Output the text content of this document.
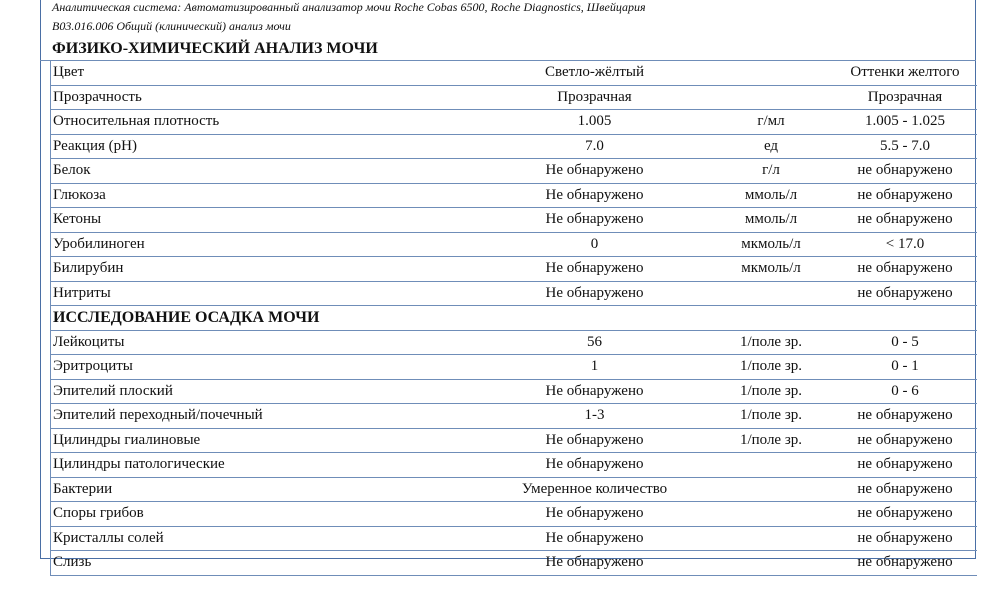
Аналитическая система: Автоматизированный анализатор мочи Roche Cobas 6500, Roche Diagnostics, Швейцария
B03.016.006 Общий (клинический) анализ мочи
ФИЗИКО-ХИМИЧЕСКИЙ АНАЛИЗ МОЧИ
Цвет	Светло-жёлтый		Оттенки желтого
Прозрачность	Прозрачная		Прозрачная
Относительная плотность	1.005	г/мл	1.005 - 1.025
Реакция (pH)	7.0	ед	5.5 - 7.0
Белок	Не обнаружено	г/л	не обнаружено
Глюкоза	Не обнаружено	ммоль/л	не обнаружено
Кетоны	Не обнаружено	ммоль/л	не обнаружено
Уробилиноген	0	мкмоль/л	< 17.0
Билирубин	Не обнаружено	мкмоль/л	не обнаружено
Нитриты	Не обнаружено		не обнаружено
ИССЛЕДОВАНИЕ ОСАДКА МОЧИ			
Лейкоциты	56	1/поле зр.	0 - 5
Эритроциты	1	1/поле зр.	0 - 1
Эпителий плоский	Не обнаружено	1/поле зр.	0 - 6
Эпителий переходный/почечный	1-3	1/поле зр.	не обнаружено
Цилиндры гиалиновые	Не обнаружено	1/поле зр.	не обнаружено
Цилиндры патологические	Не обнаружено		не обнаружено
Бактерии	Умеренное количество		не обнаружено
Споры грибов	Не обнаружено		не обнаружено
Кристаллы солей	Не обнаружено		не обнаружено
Слизь	Не обнаружено		не обнаружено
